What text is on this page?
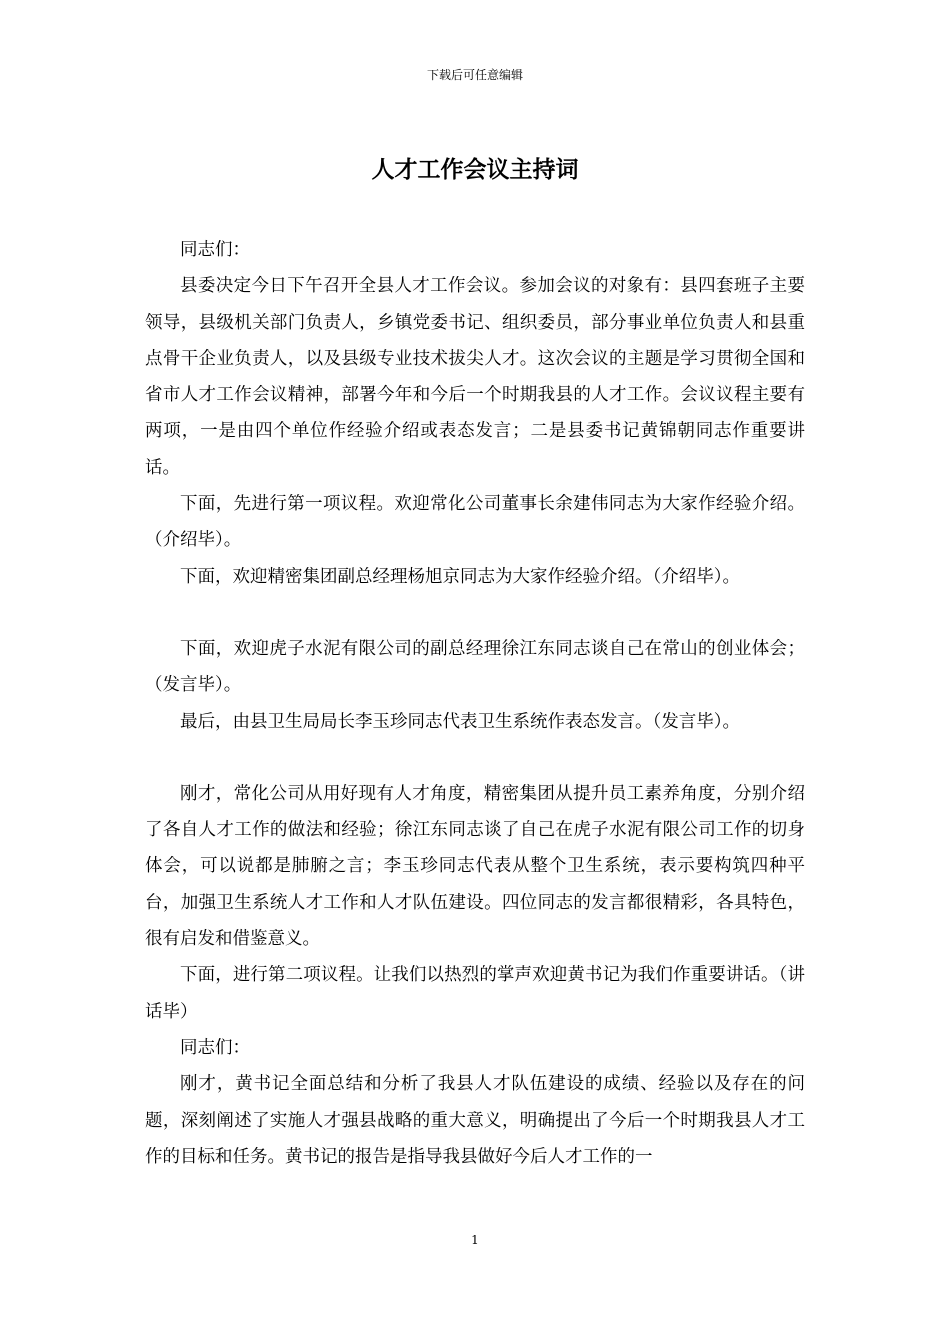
下载后可任意编辑
人才工作会议主持词

同志们：

县委决定今日下午召开全县人才工作会议。参加会议的对象有：县四套班子主要领导，县级机关部门负责人，乡镇党委书记、组织委员，部分事业单位负责人和县重点骨干企业负责人，以及县级专业技术拔尖人才。这次会议的主题是学习贯彻全国和省市人才工作会议精神，部署今年和今后一个时期我县的人才工作。会议议程主要有两项，一是由四个单位作经验介绍或表态发言；二是县委书记黄锦朝同志作重要讲话。

下面，先进行第一项议程。欢迎常化公司董事长余建伟同志为大家作经验介绍。（介绍毕）。

下面，欢迎精密集团副总经理杨旭京同志为大家作经验介绍。（介绍毕）。

下面，欢迎虎子水泥有限公司的副总经理徐江东同志谈自己在常山的创业体会；（发言毕）。

最后，由县卫生局局长李玉珍同志代表卫生系统作表态发言。（发言毕）。

刚才，常化公司从用好现有人才角度，精密集团从提升员工素养角度，分别介绍了各自人才工作的做法和经验；徐江东同志谈了自己在虎子水泥有限公司工作的切身体会，可以说都是肺腑之言；李玉珍同志代表从整个卫生系统，表示要构筑四种平台，加强卫生系统人才工作和人才队伍建设。四位同志的发言都很精彩，各具特色，很有启发和借鉴意义。

下面，进行第二项议程。让我们以热烈的掌声欢迎黄书记为我们作重要讲话。（讲话毕）

同志们：

刚才，黄书记全面总结和分析了我县人才队伍建设的成绩、经验以及存在的问题，深刻阐述了实施人才强县战略的重大意义，明确提出了今后一个时期我县人才工作的目标和任务。黄书记的报告是指导我县做好今后人才工作的一

1
